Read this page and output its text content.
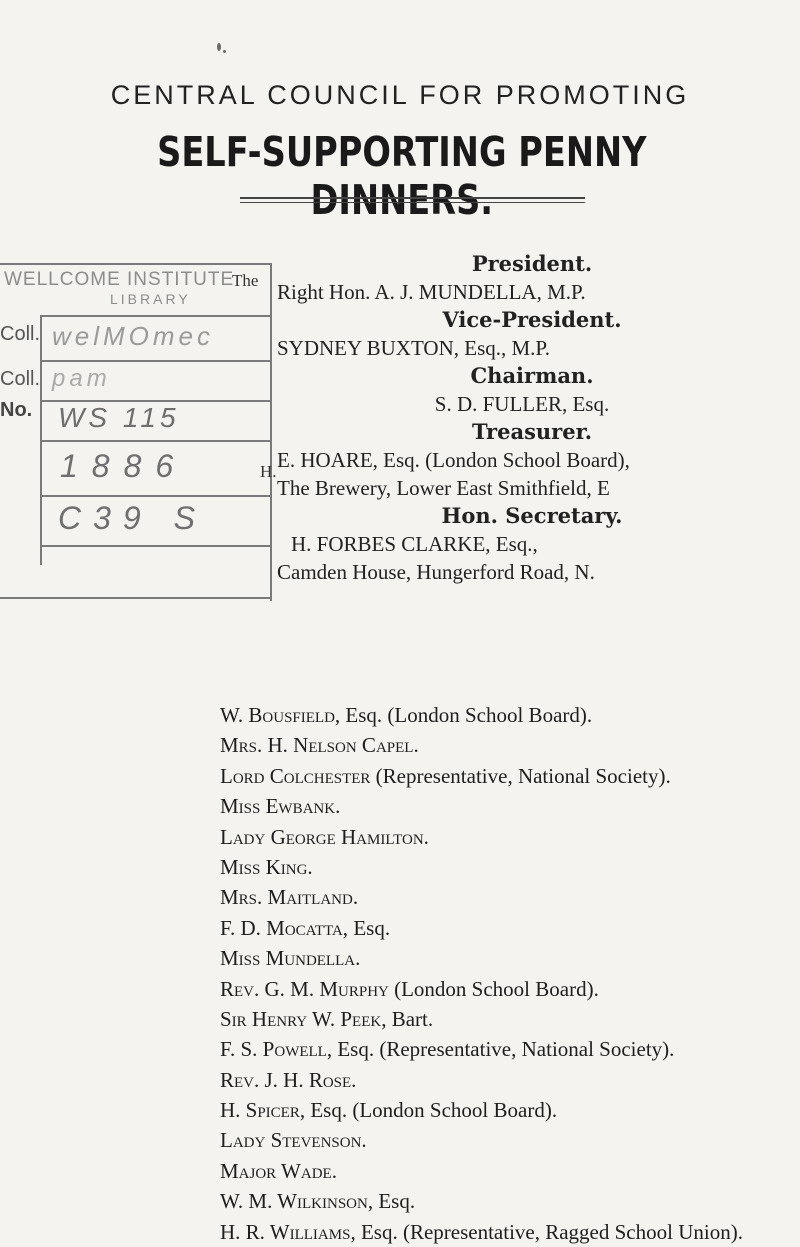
CENTRAL COUNCIL FOR PROMOTING
SELF-SUPPORTING PENNY DINNERS.
WELLCOME INSTITUTE
LIBRARY
The
Coll. welMOmec
Coll. pam
No. WS 115
1886	H.
C39 S
President.
Right Hon. A. J. MUNDELLA, M.P.
Vice-President.
SYDNEY BUXTON, Esq., M.P.
Chairman.
S. D. FULLER, Esq.
Treasurer.
E. HOARE, Esq. (London School Board),
The Brewery, Lower East Smithfield, E
Hon. Secretary.
H. FORBES CLARKE, Esq.,
Camden House, Hungerford Road, N.
W. Bousfield, Esq. (London School Board).
Mrs. H. Nelson Capel.
Lord Colchester (Representative, National Society).
Miss Ewbank.
Lady George Hamilton.
Miss King.
Mrs. Maitland.
F. D. Mocatta, Esq.
Miss Mundella.
Rev. G. M. Murphy (London School Board).
Sir Henry W. Peek, Bart.
F. S. Powell, Esq. (Representative, National Society).
Rev. J. H. Rose.
H. Spicer, Esq. (London School Board).
Lady Stevenson.
Major Wade.
W. M. Wilkinson, Esq.
H. R. Williams, Esq. (Representative, Ragged School Union).
